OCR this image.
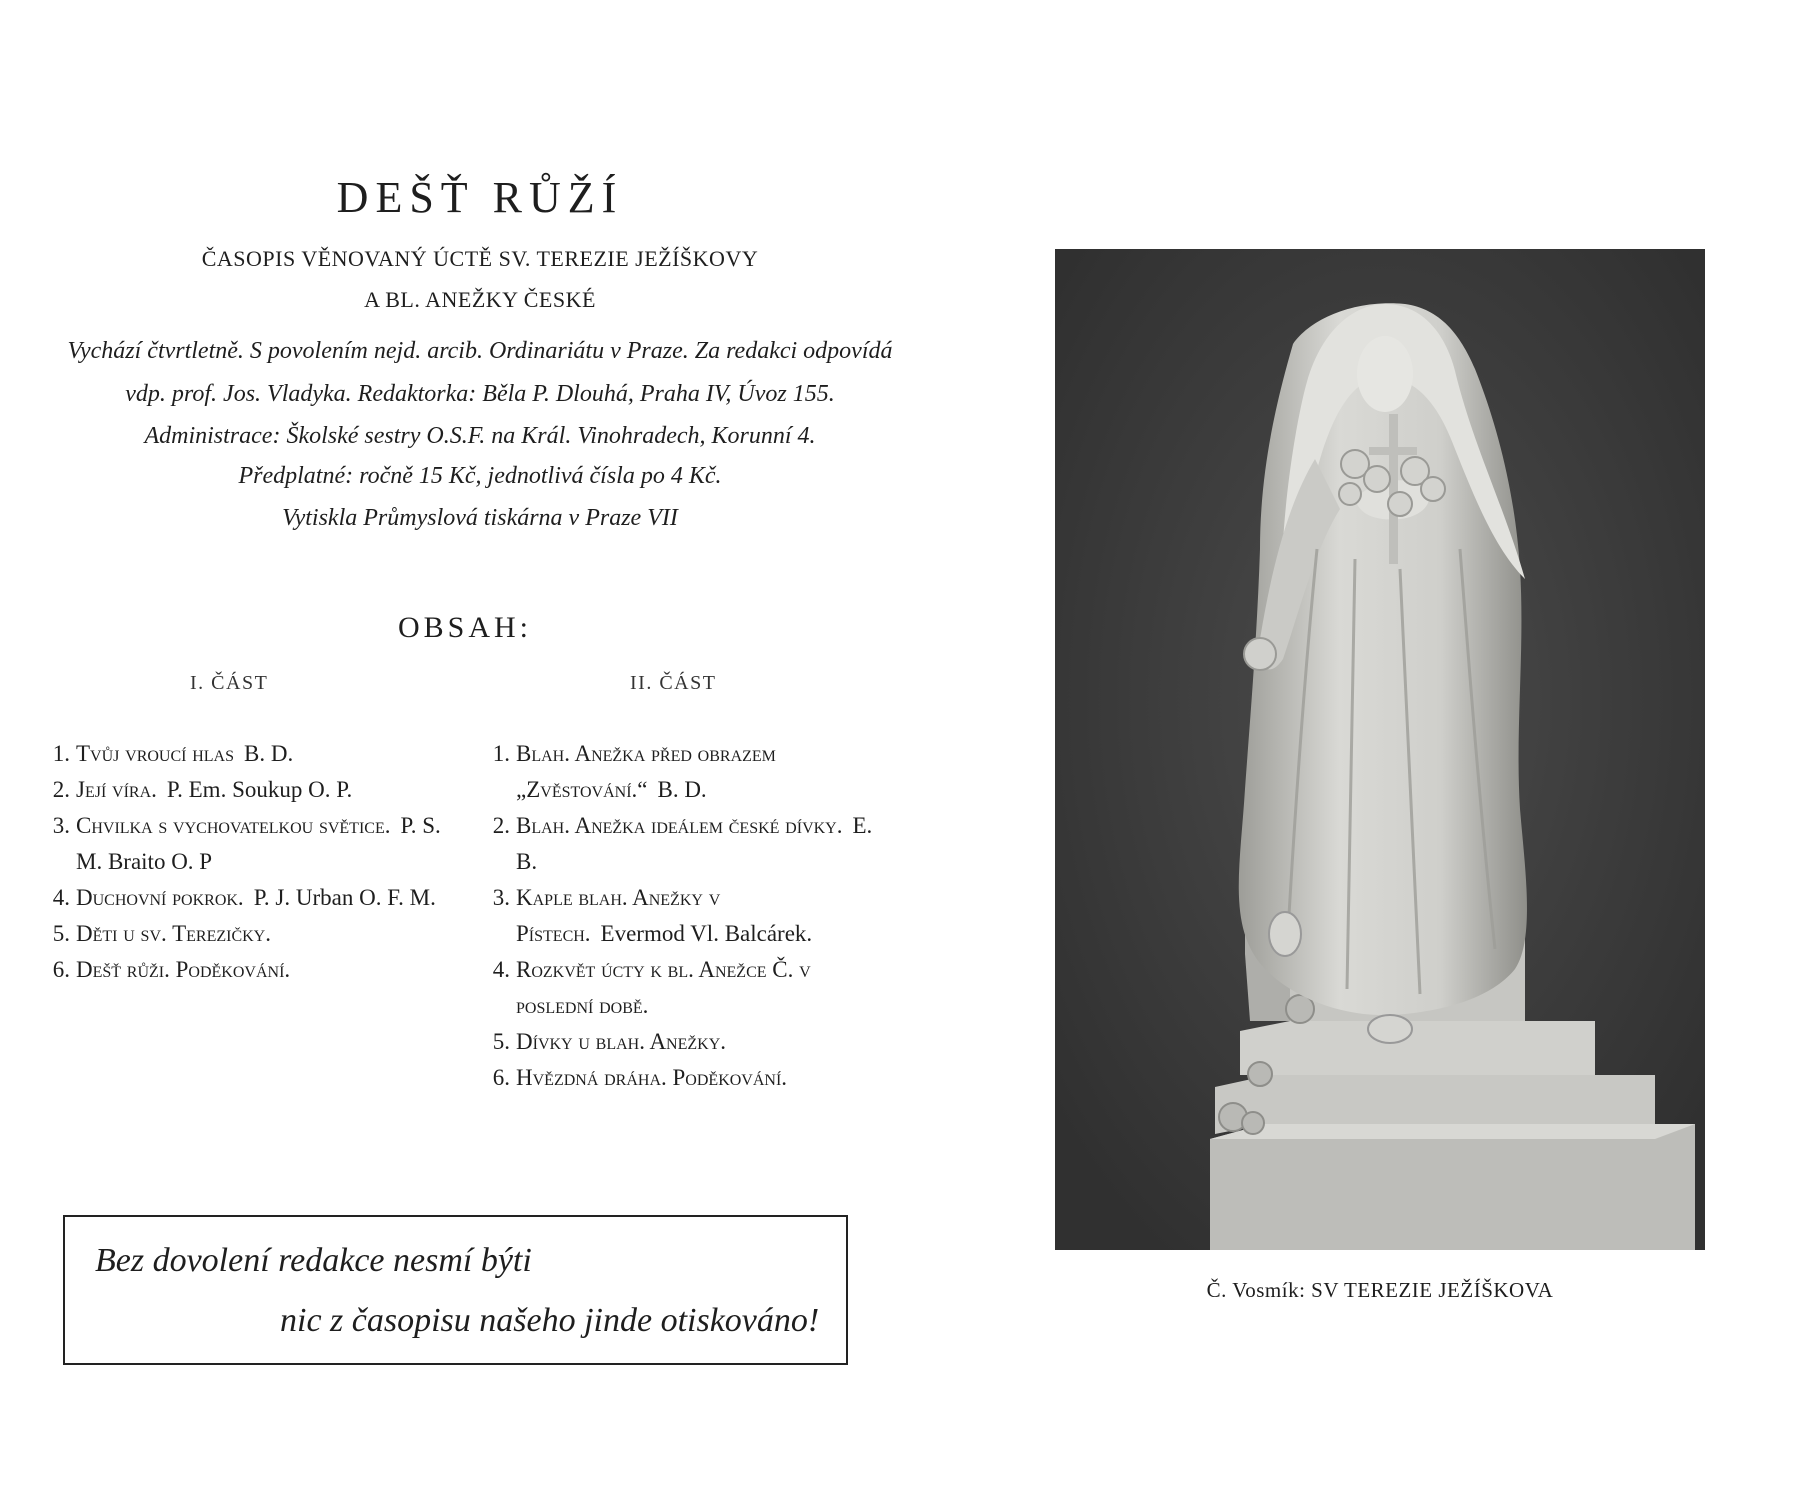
DEŠŤ RŮŽÍ
ČASOPIS VĚNOVANÝ ÚCTĚ SV. TEREZIE JEŽÍŠKOVY
A BL. ANEŽKY ČESKÉ
Vychází čtvrtletně. S povolením nejd. arcib. Ordinariátu v Praze. Za redakci odpovídá
vdp. prof. Jos. Vladyka. Redaktorka: Běla P. Dlouhá, Praha IV, Úvoz 155.
Administrace: Školské sestry O.S.F. na Král. Vinohradech, Korunní 4.
Předplatné: ročně 15 Kč, jednotlivá čísla po 4 Kč.
Vytiskla Průmyslová tiskárna v Praze VII
OBSAH:
I. ČÁST	II. ČÁST
1. Tvůj vroucí hlas B. D.
2. Její víra. P. Em. Soukup O. P.
3. Chvilka s vychovatelkou světice. P. S. M. Braito O. P
4. Duchovní pokrok. P. J. Urban O. F. M.
5. Děti u sv. Terezičky.
6. Dešť růži. Poděkování.
1. Blah. Anežka před obrazem „Zvěstování.“ B. D.
2. Blah. Anežka ideálem české dívky. E. B.
3. Kaple blah. Anežky v Pístech. Evermod Vl. Balcárek.
4. Rozkvět úcty k bl. Anežce Č. v poslední době.
5. Dívky u blah. Anežky.
6. Hvězdná dráha. Poděkování.
Bez dovolení redakce nesmí býti
nic z časopisu našeho jinde otiskováno!
Č. Vosmík: SV TEREZIE JEŽÍŠKOVA
